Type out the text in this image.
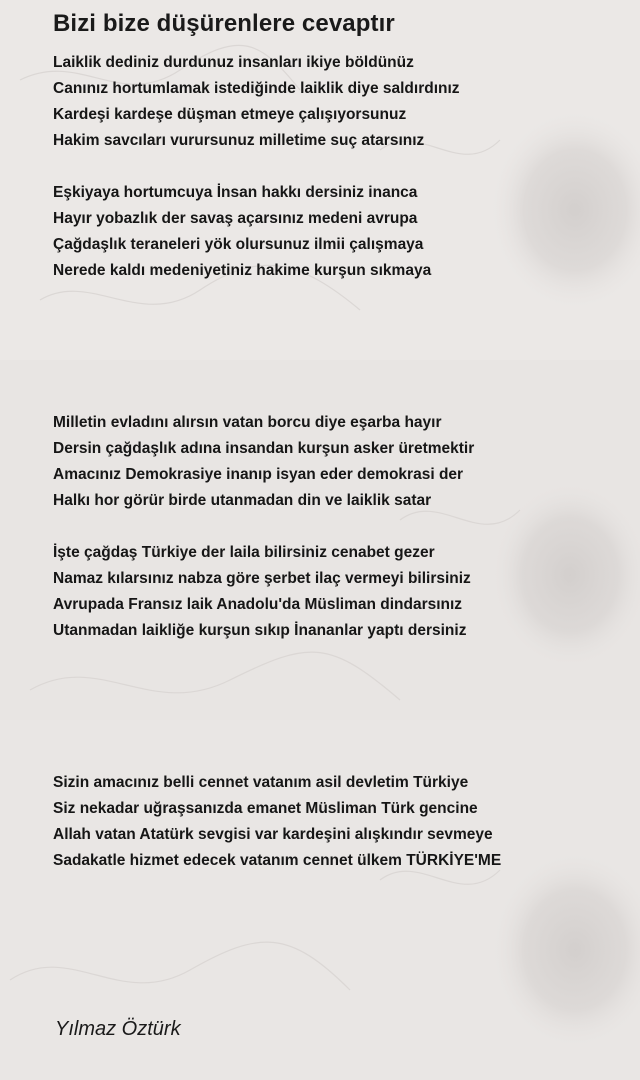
Bizi bize düşürenlere cevaptır
Laiklik dediniz durdunuz insanları ikiye böldünüz
Canınız hortumlamak istediğinde laiklik diye saldırdınız
Kardeşi kardeşe düşman etmeye çalışıyorsunuz
Hakim savcıları vurursunuz milletime suç atarsınız
Eşkiyaya hortumcuya İnsan hakkı dersiniz inanca
Hayır yobazlık der savaş açarsınız medeni avrupa
Çağdaşlık teraneleri yök olursunuz ilmii çalışmaya
Nerede kaldı medeniyetiniz hakime kurşun sıkmaya
Milletin evladını alırsın vatan borcu diye eşarba hayır
Dersin çağdaşlık adına insandan kurşun asker üretmektir
Amacınız Demokrasiye inanıp isyan eder demokrasi der
Halkı hor görür birde utanmadan din ve laiklik satar
İşte çağdaş Türkiye der laila bilirsiniz cenabet gezer
Namaz kılarsınız nabza göre şerbet ilaç vermeyi bilirsiniz
Avrupada Fransız laik Anadolu'da Müsliman dindarsınız
Utanmadan laikliğe kurşun sıkıp İnananlar yaptı dersiniz
Sizin amacınız belli cennet vatanım asil devletim Türkiye
Siz nekadar uğraşsanızda emanet Müsliman Türk gencine
Allah vatan Atatürk sevgisi var kardeşini alışkındır sevmeye
Sadakatle hizmet edecek vatanım cennet ülkem TÜRKİYE'ME
Yılmaz Öztürk
